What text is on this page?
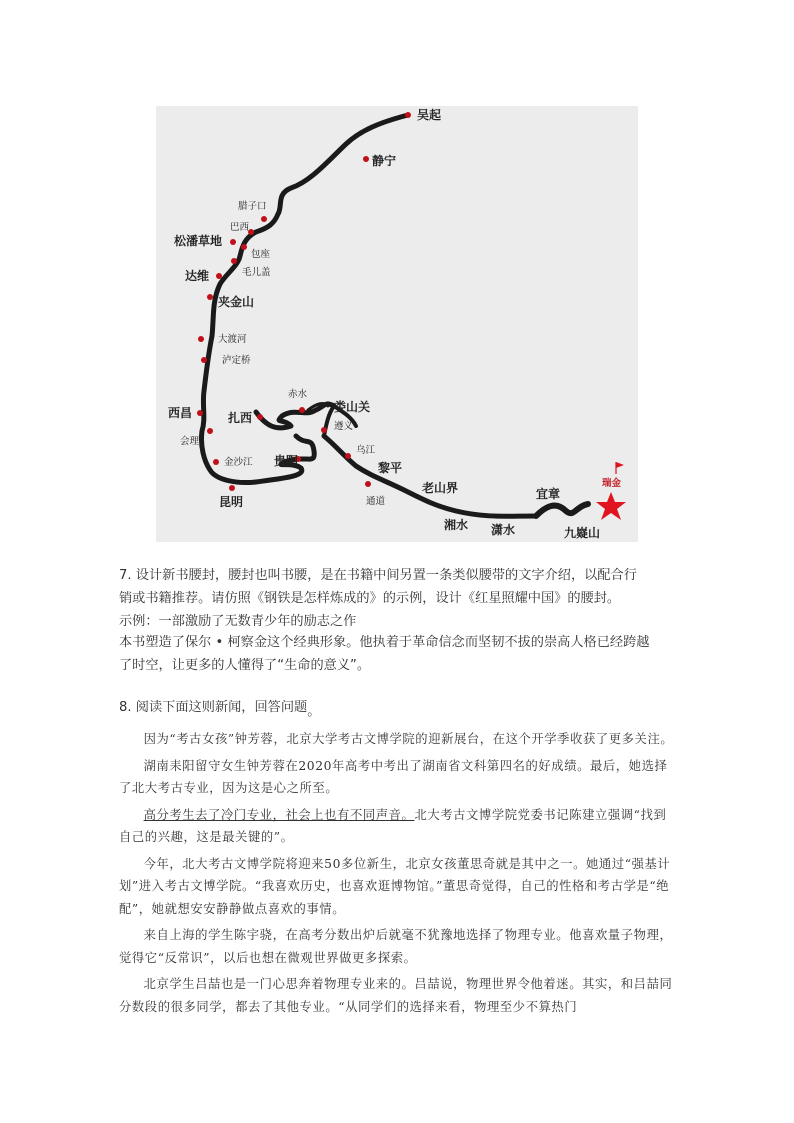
吴起
静宁
腊子口
巴西
松潘草地
包座
毛儿盖
达维
夹金山
大渡河
泸定桥
西昌
会理
金沙江
昆明
扎西
赤水
娄山关
遵义
贵阳
乌江
黎平
通道
老山界
湘水 潇水
宜章
九嶷山
瑞金

7. 设计新书腰封，腰封也叫书腰，是在书籍中间另置一条类似腰带的文字介绍，以配合行

销或书籍推荐。请仿照《钢铁是怎样炼成的》的示例，设计《红星照耀中国》的腰封。

示例：一部激励了无数青少年的励志之作

本书塑造了保尔 • 柯察金这个经典形象。他执着于革命信念而坚韧不拔的崇高人格已经跨越

了时空，让更多的人懂得了“生命的意义”。

8. 阅读下面这则新闻，回答问题。

因为“考古女孩”钟芳蓉，北京大学考古文博学院的迎新展台，在这个开学季收获了更多关注。

湖南耒阳留守女生钟芳蓉在2020年高考中考出了湖南省文科第四名的好成绩。最后，她选择了北大考古专业，因为这是心之所至。

高分考生去了冷门专业，社会上也有不同声音。北大考古文博学院党委书记陈建立强调“找到自己的兴趣，这是最关键的”。

今年，北大考古文博学院将迎来50多位新生，北京女孩董思奇就是其中之一。她通过“强基计划”进入考古文博学院。“我喜欢历史，也喜欢逛博物馆。”董思奇觉得，自己的性格和考古学是“绝配”，她就想安安静静做点喜欢的事情。

来自上海的学生陈宇骁，在高考分数出炉后就毫不犹豫地选择了物理专业。他喜欢量子物理，觉得它“反常识”，以后也想在微观世界做更多探索。

北京学生吕喆也是一门心思奔着物理专业来的。吕喆说，物理世界令他着迷。其实，和吕喆同分数段的很多同学，都去了其他专业。“从同学们的选择来看，物理至少不算热门
